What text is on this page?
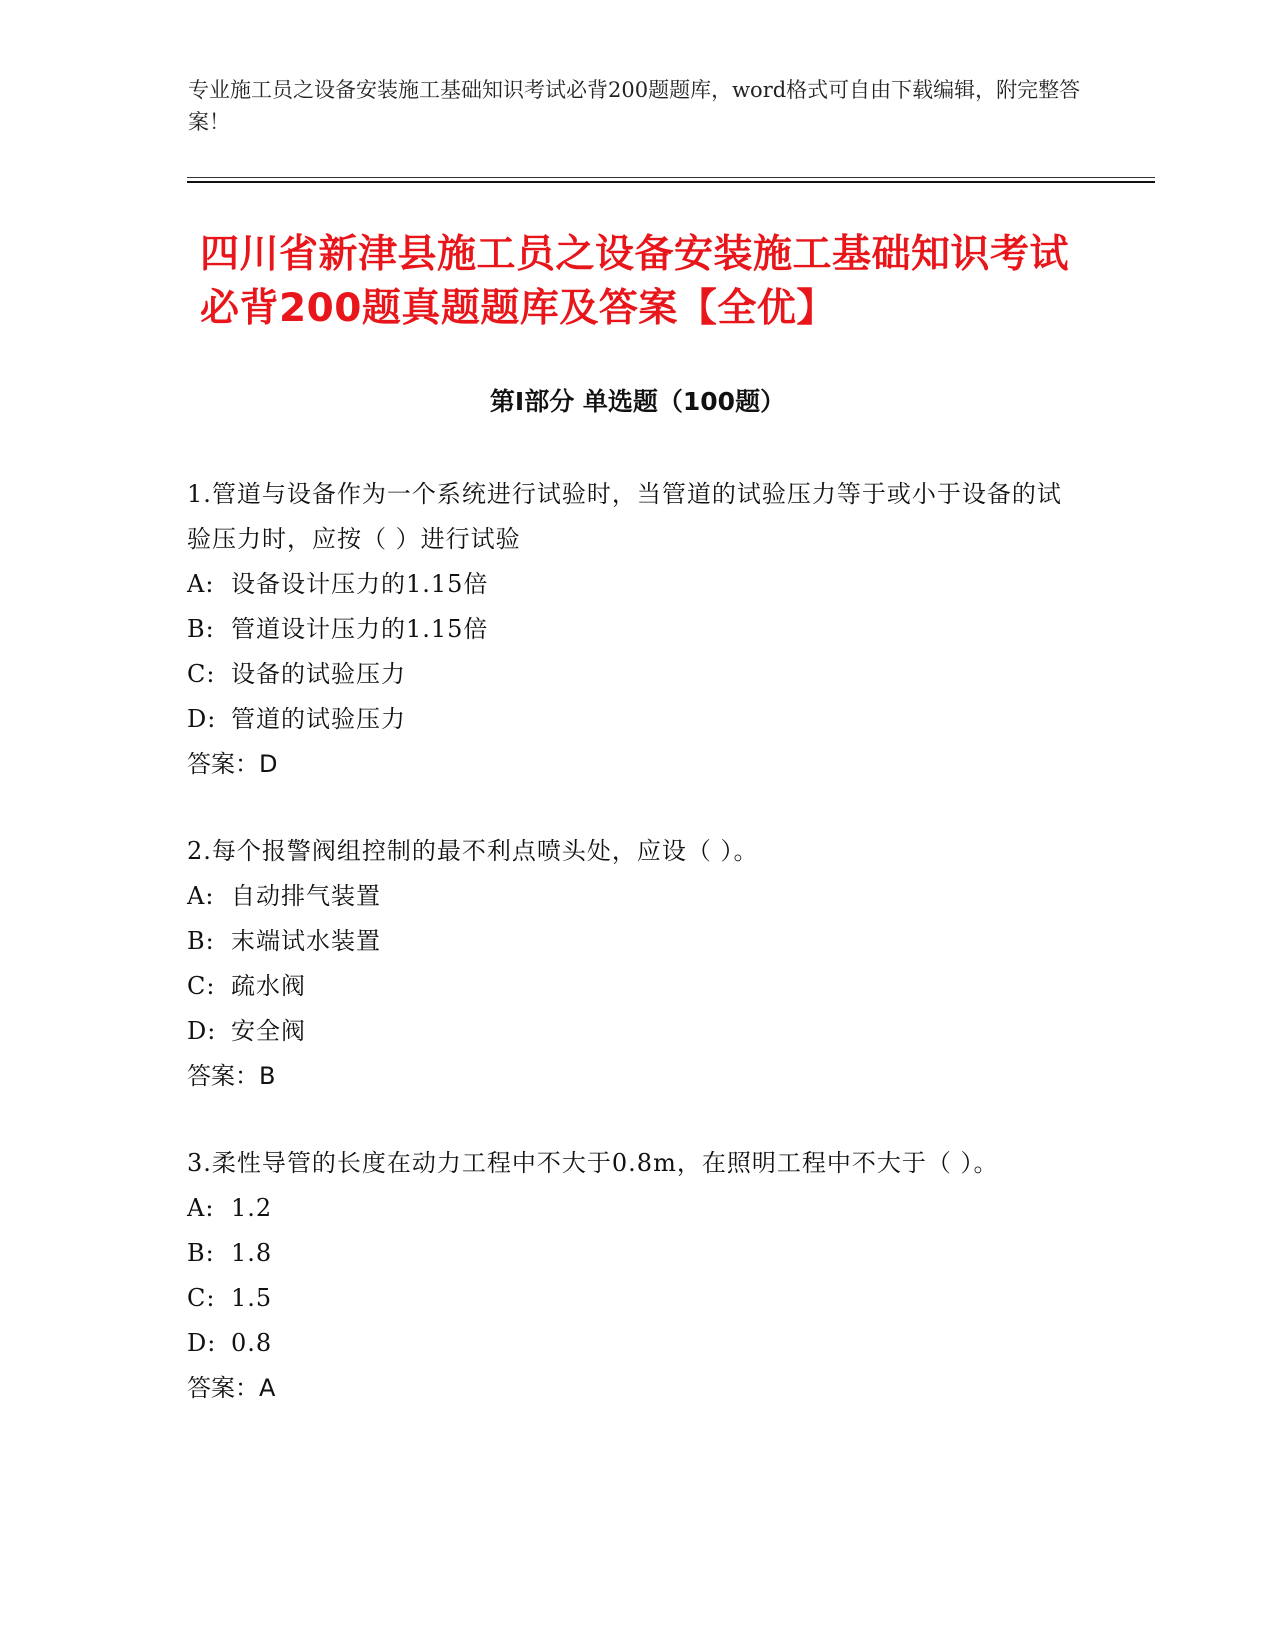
专业施工员之设备安装施工基础知识考试必背200题题库，word格式可自由下载编辑，附完整答案！
四川省新津县施工员之设备安装施工基础知识考试必背200题真题题库及答案【全优】
第I部分 单选题（100题）
1.管道与设备作为一个系统进行试验时，当管道的试验压力等于或小于设备的试验压力时，应按（ ）进行试验
A: 设备设计压力的1.15倍
B: 管道设计压力的1.15倍
C: 设备的试验压力
D: 管道的试验压力
答案：D
2.每个报警阀组控制的最不利点喷头处，应设（ ）。
A: 自动排气装置
B: 末端试水装置
C: 疏水阀
D: 安全阀
答案：B
3.柔性导管的长度在动力工程中不大于0.8m，在照明工程中不大于（ ）。
A: 1.2
B: 1.8
C: 1.5
D: 0.8
答案：A
